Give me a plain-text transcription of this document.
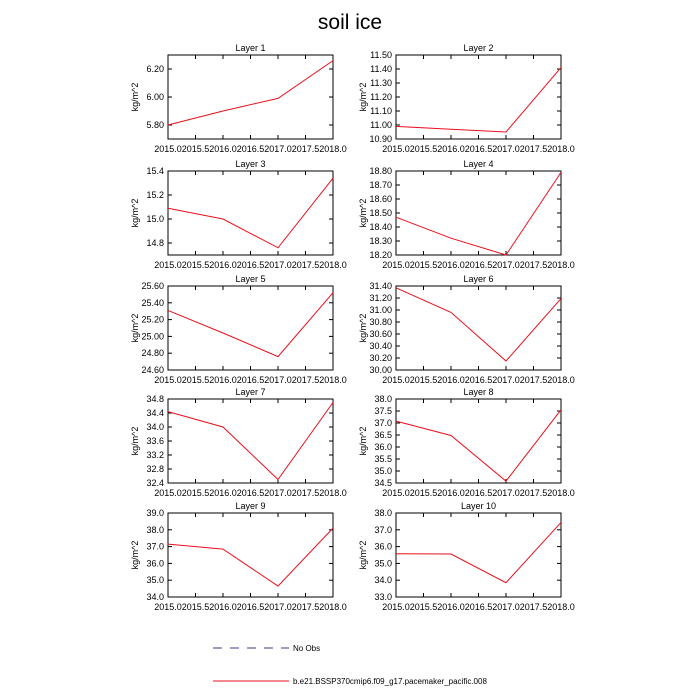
soil ice
Layer 1
2015.0 2015.5 2016.0 2016.5 2017.0 2017.5 2018.0
5.80
6.00
6.20
kg/m^2
Layer 2
2015.0 2015.5 2016.0 2016.5 2017.0 2017.5 2018.0
10.90
11.00
11.10
11.20
11.30
11.40
11.50
kg/m^2
Layer 3
2015.0 2015.5 2016.0 2016.5 2017.0 2017.5 2018.0
14.8
15.0
15.2
15.4
kg/m^2
Layer 4
2015.0 2015.5 2016.0 2016.5 2017.0 2017.5 2018.0
18.20
18.30
18.40
18.50
18.60
18.70
18.80
kg/m^2
Layer 5
2015.0 2015.5 2016.0 2016.5 2017.0 2017.5 2018.0
24.60
24.80
25.00
25.20
25.40
25.60
kg/m^2
Layer 6
2015.0 2015.5 2016.0 2016.5 2017.0 2017.5 2018.0
30.00
30.20
30.40
30.60
30.80
31.00
31.20
31.40
kg/m^2
Layer 7
2015.0 2015.5 2016.0 2016.5 2017.0 2017.5 2018.0
32.4
32.8
33.2
33.6
34.0
34.4
34.8
kg/m^2
Layer 8
2015.0 2015.5 2016.0 2016.5 2017.0 2017.5 2018.0
34.5
35.0
35.5
36.0
36.5
37.0
37.5
38.0
kg/m^2
Layer 9
2015.0 2015.5 2016.0 2016.5 2017.0 2017.5 2018.0
34.0
35.0
36.0
37.0
38.0
39.0
kg/m^2
Layer 10
2015.0 2015.5 2016.0 2016.5 2017.0 2017.5 2018.0
33.0
34.0
35.0
36.0
37.0
38.0
kg/m^2
No Obs
b.e21.BSSP370cmip6.f09_g17.pacemaker_pacific.008
